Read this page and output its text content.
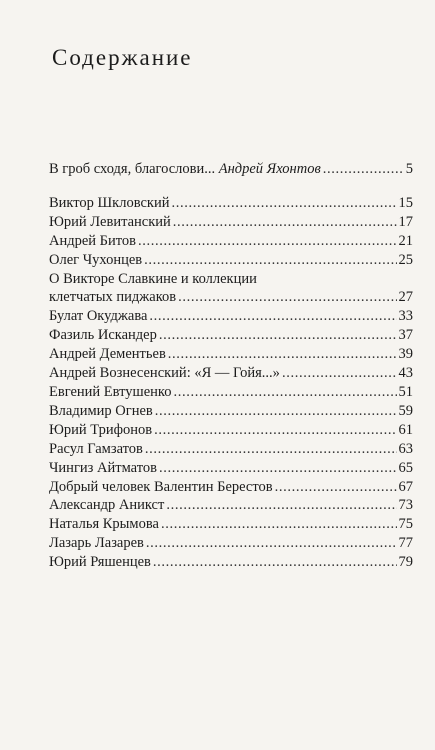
Содержание
В гроб сходя, благослови... Андрей Яхонтов . . .	5
Виктор Шкловский . . .	15
Юрий Левитанский . . .	17
Андрей Битов . . .	21
Олег Чухонцев . . .	25
О Викторе Славкине и коллекции
клетчатых пиджаков . . .	27
Булат Окуджава . . .	33
Фазиль Искандер . . .	37
Андрей Дементьев . . .	39
Андрей Вознесенский: «Я — Гойя...» . . .	43
Евгений Евтушенко . . .	51
Владимир Огнев . . .	59
Юрий Трифонов . . .	61
Расул Гамзатов . . .	63
Чингиз Айтматов . . .	65
Добрый человек Валентин Берестов . . .	67
Александр Аникст . . .	73
Наталья Крымова . . .	75
Лазарь Лазарев . . .	77
Юрий Ряшенцев . . .	79
